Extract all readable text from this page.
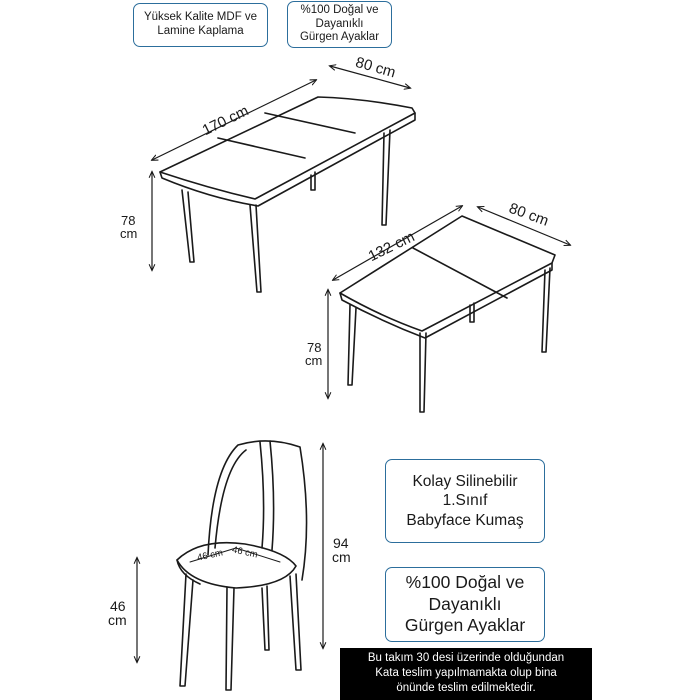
Yüksek Kalite MDF ve
Lamine Kaplama
%100 Doğal ve
Dayanıklı
Gürgen Ayaklar
Kolay Silinebilir
1.Sınıf
Babyface Kumaş
%100 Doğal ve
Dayanıklı
Gürgen Ayaklar
170 cm
80 cm
78
cm	132 cm
80 cm
78
cm
46 cm 46 cm
94
cm
46
cm
Bu takım 30 desi üzerinde olduğundan
Kata teslim yapılmamakta olup bina
önünde teslim edilmektedir.
